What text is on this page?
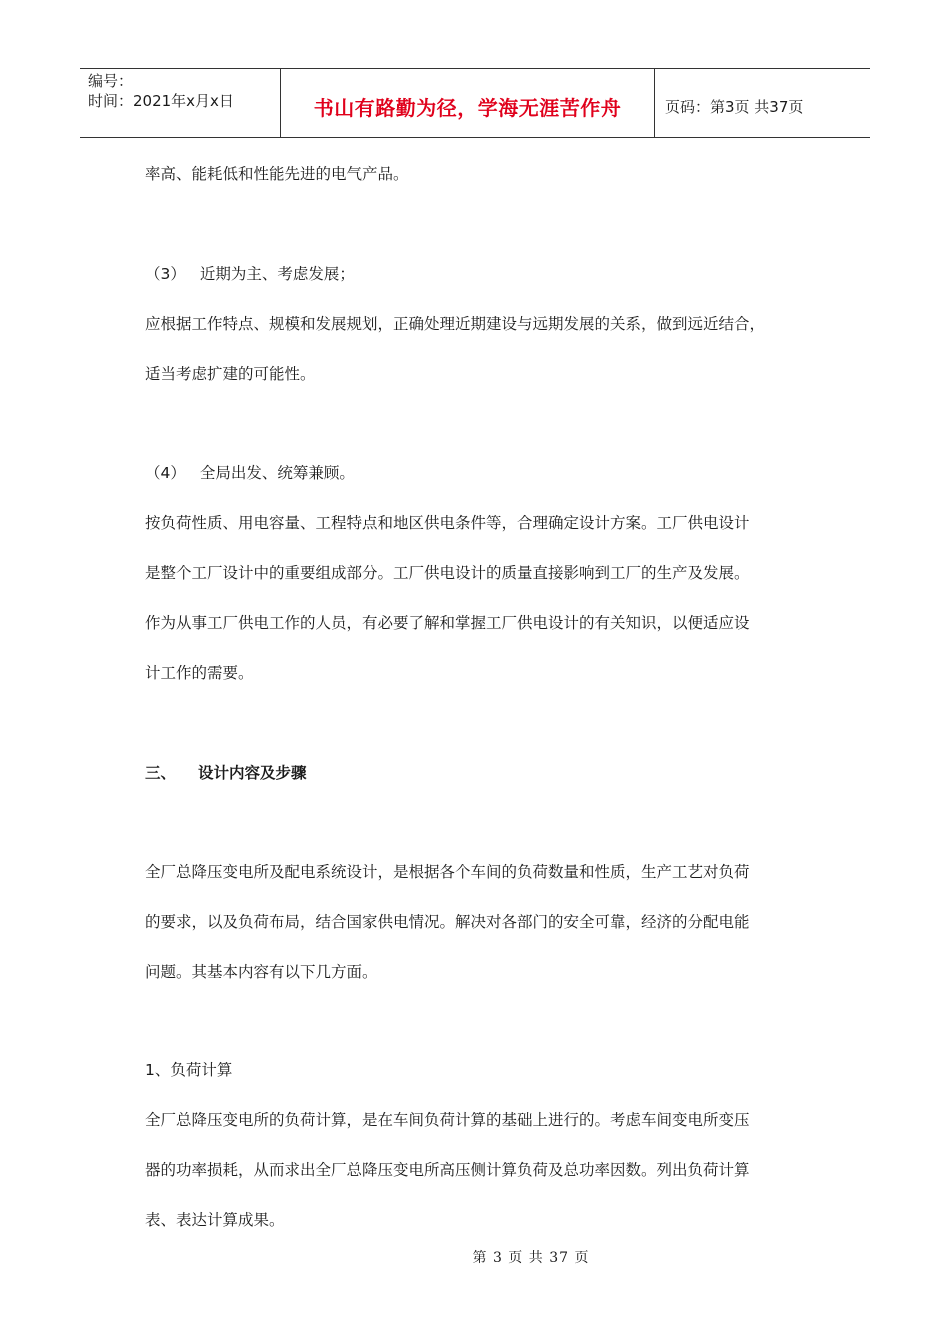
编号：
时间：2021年x月x日	书山有路勤为径，学海无涯苦作舟	页码：第3页 共37页
率高、能耗低和性能先进的电气产品。
（3） 近期为主、考虑发展；
应根据工作特点、规模和发展规划，正确处理近期建设与远期发展的关系，做到远近结合，
适当考虑扩建的可能性。
（4） 全局出发、统筹兼顾。
按负荷性质、用电容量、工程特点和地区供电条件等，合理确定设计方案。工厂供电设计
是整个工厂设计中的重要组成部分。工厂供电设计的质量直接影响到工厂的生产及发展。
作为从事工厂供电工作的人员，有必要了解和掌握工厂供电设计的有关知识，以便适应设
计工作的需要。
三、 设计内容及步骤
全厂总降压变电所及配电系统设计，是根据各个车间的负荷数量和性质，生产工艺对负荷
的要求，以及负荷布局，结合国家供电情况。解决对各部门的安全可靠，经济的分配电能
问题。其基本内容有以下几方面。
1、负荷计算
全厂总降压变电所的负荷计算，是在车间负荷计算的基础上进行的。考虑车间变电所变压
器的功率损耗，从而求出全厂总降压变电所高压侧计算负荷及总功率因数。列出负荷计算
表、表达计算成果。
第 3 页 共 37 页
